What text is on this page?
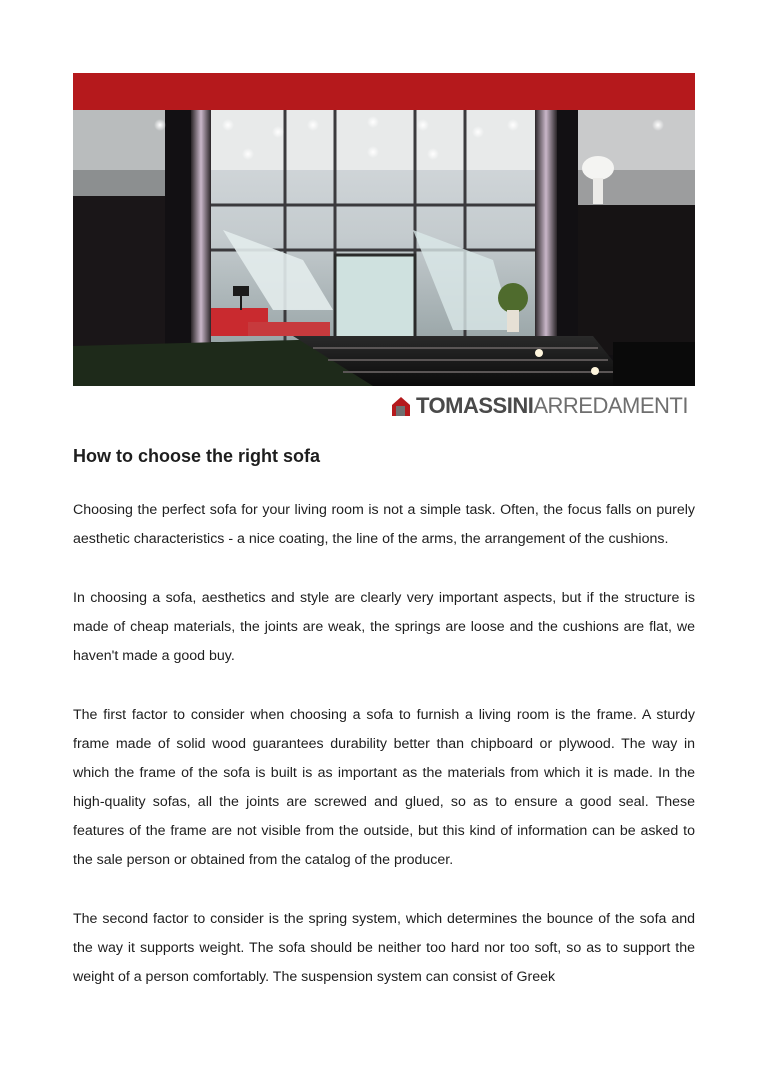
TOMASSINIARREDAMENTI
How to choose the right sofa

Choosing the perfect sofa for your living room is not a simple task. Often, the focus falls on purely aesthetic characteristics - a nice coating, the line of the arms, the arrangement of the cushions.

In choosing a sofa, aesthetics and style are clearly very important aspects, but if the structure is made of cheap materials, the joints are weak, the springs are loose and the cushions are flat, we haven't made a good buy.

The first factor to consider when choosing a sofa to furnish a living room is the frame. A sturdy frame made of solid wood guarantees durability better than chipboard or plywood. The way in which the frame of the sofa is built is as important as the materials from which it is made. In the high-quality sofas, all the joints are screwed and glued, so as to ensure a good seal. These features of the frame are not visible from the outside, but this kind of information can be asked to the sale person or obtained from the catalog of the producer.

The second factor to consider is the spring system, which determines the bounce of the sofa and the way it supports weight. The sofa should be neither too hard nor too soft, so as to support the weight of a person comfortably. The suspension system can consist of Greek
